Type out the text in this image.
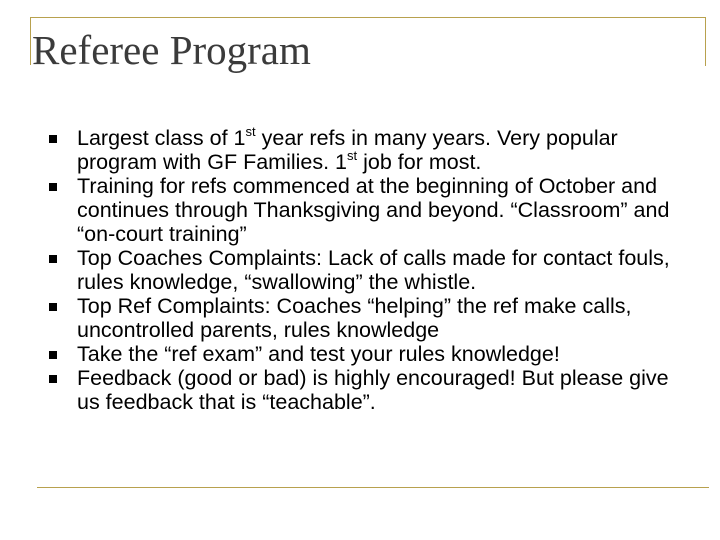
Referee Program
Largest class of 1st year refs in many years. Very popular program with GF Families. 1st job for most.
Training for refs commenced at the beginning of October and continues through Thanksgiving and beyond. “Classroom” and “on-court training”
Top Coaches Complaints: Lack of calls made for contact fouls, rules knowledge, “swallowing” the whistle.
Top Ref Complaints: Coaches “helping” the ref make calls, uncontrolled parents, rules knowledge
Take the “ref exam” and test your rules knowledge!
Feedback (good or bad) is highly encouraged! But please give us feedback that is “teachable”.
